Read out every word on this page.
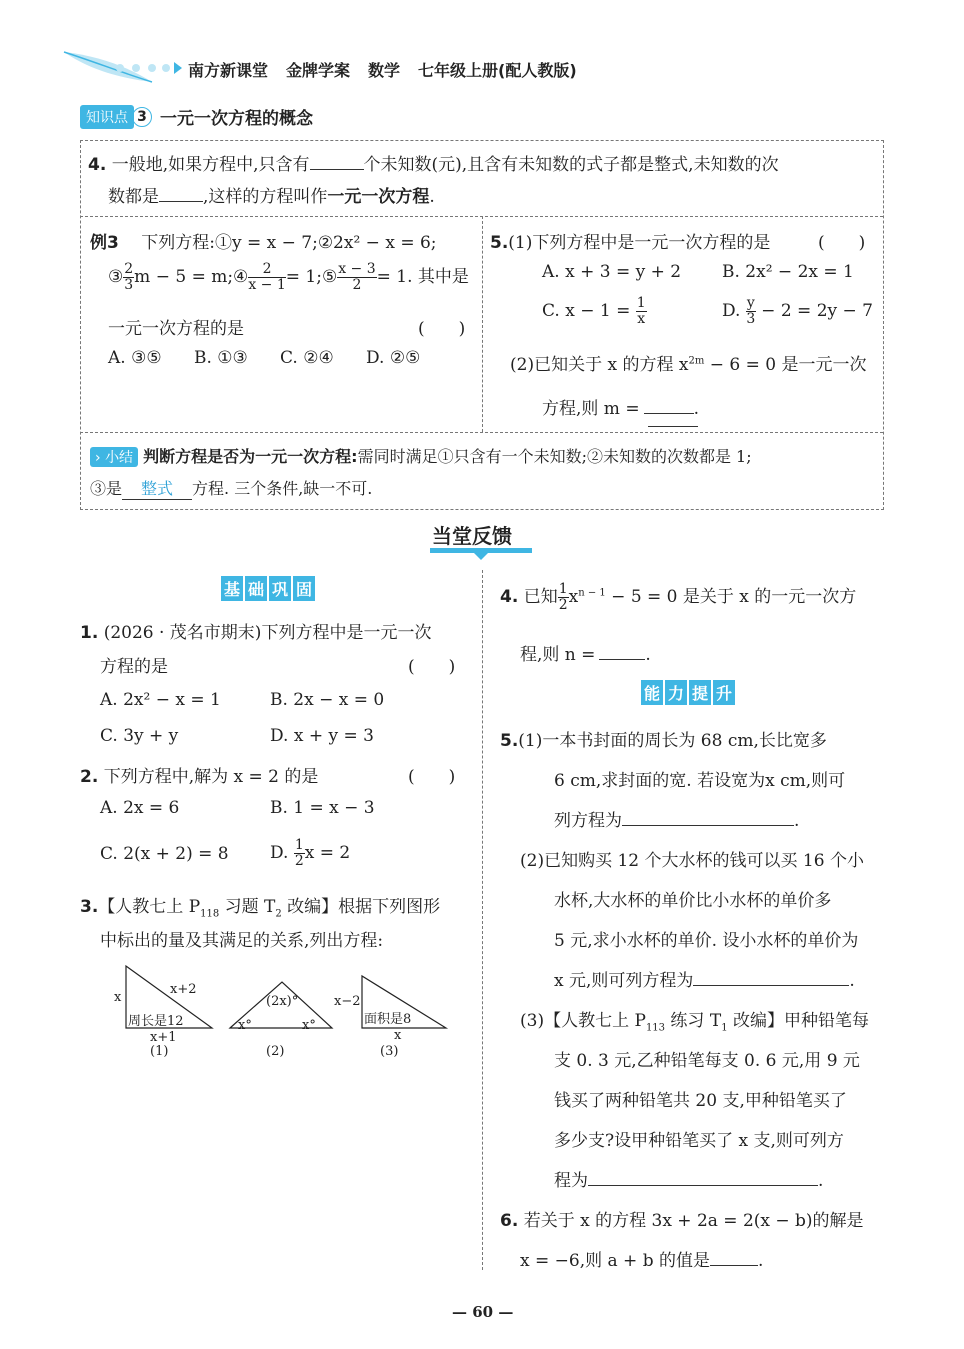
南方新课堂 金牌学案 数学 七年级上册(配人教版)
知识点 3 一元一次方程的概念
4. 一般地,如果方程中,只含有	个未知数(元),且含有未知数的式子都是整式,未知数的次
数都是	,这样的方程叫作一元一次方程.
例3　 下列方程:①y = x − 7;②2x² − x = 6;
③ $\frac{2}{3}$ m − 5 = m;④ $\frac{2}{x - 1}$ = 1;⑤ $\frac{x - 3}{2} = 1$. 其中是
一元一次方程的是	(　　)
A. ③⑤ B. ①③ C. ②④ D. ②⑤
5.(1)下列方程中是一元一次方程的是	(　　)
A. x + 3 = y + 2 B. 2x² − 2x = 1
C. $x - 1 = \frac{1}{x}$	D. $\frac{y}{3} - 2 = 2y - 7$
(2)已知关于 x 的方程 $x^{2m} - 6 = 0$ 是一元一次
方程,则 m =	.
› 小结 判断方程是否为一元一次方程:需同时满足①只含有一个未知数;②未知数的次数都是 1;
③是 整式 方程. 三个条件,缺一不可.
当堂反馈
基 础 巩 固
1. (2026 · 茂名市期末)下列方程中是一元一次
方程的是	(　　)
A. 2x² − x = 1	B. 2x − x = 0
C. 3y + y	D. x + y = 3
2. 下列方程中,解为 x = 2 的是	(　　)
A. 2x = 6	B. 1 = x − 3
C. 2(x + 2) = 8 D. $\frac{1}{2}$ x = 2
3.【人教七上 $P_{118}$ 习题 $T_2$ 改编】根据下列图形
中标出的量及其满足的关系,列出方程:
x
x+2
周长是12
x+1
(1)
(2x)°
x°	x°
(2)
x−2
面积是8
x
(3)
4. 已知 $\frac{1}{2} x^{n - 1} - 5 = 0$ 是关于 x 的一元一次方
程,则 n =	.
能 力 提 升
5.(1)一本书封面的周长为 68 cm,长比宽多
6 cm,求封面的宽. 若设宽为x cm,则可
列方程为	.
(2)已知购买 12 个大水杯的钱可以买 16 个小
水杯,大水杯的单价比小水杯的单价多
5 元,求小水杯的单价. 设小水杯的单价为
x 元,则可列方程为	.
(3)【人教七上 $P_{113}$ 练习 $T_1$ 改编】甲种铅笔每
支 0. 3 元,乙种铅笔每支 0. 6 元,用 9 元
钱买了两种铅笔共 20 支,甲种铅笔买了
多少支?设甲种铅笔买了 x 支,则可列方
程为	.
6. 若关于 x 的方程 3x + 2a = 2(x − b)的解是
x = −6,则 a + b 的值是	.
— 60 —
